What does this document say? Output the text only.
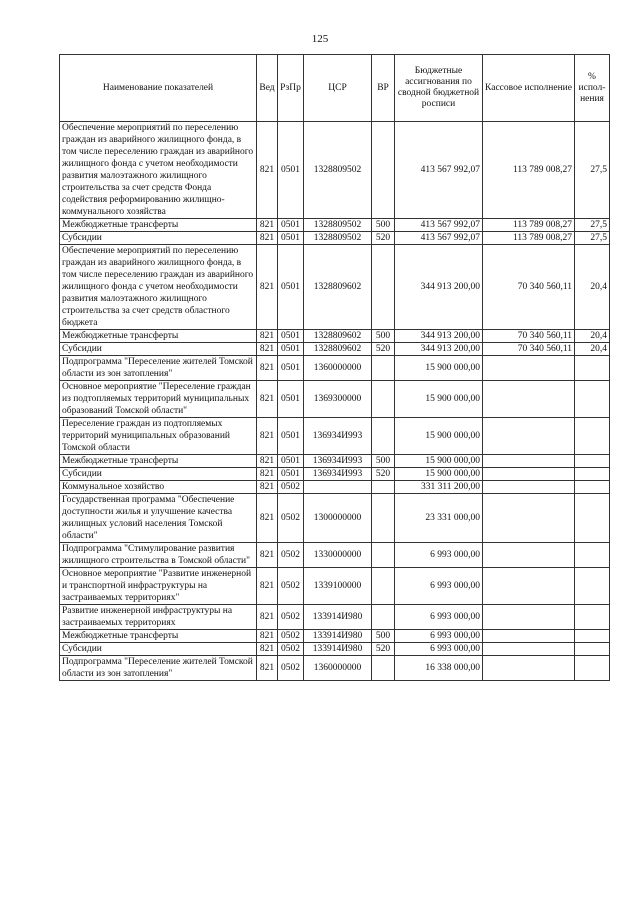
125
Наименование показателей	Вед	РзПр	ЦСР	ВР	Бюджетные ассигнования по сводной бюджетной росписи	Кассовое исполнение	% испол-нения
Обеспечение мероприятий по переселению граждан из аварийного жилищного фонда, в том числе переселению граждан из аварийного жилищного фонда с учетом необходимости развития малоэтажного жилищного строительства за счет средств Фонда содействия реформированию жилищно-коммунального хозяйства	821	0501	1328809502		413 567 992,07	113 789 008,27	27,5
Межбюджетные трансферты	821	0501	1328809502	500	413 567 992,07	113 789 008,27	27,5
Субсидии	821	0501	1328809502	520	413 567 992,07	113 789 008,27	27,5
Обеспечение мероприятий по переселению граждан из аварийного жилищного фонда, в том числе переселению граждан из аварийного жилищного фонда с учетом необходимости развития малоэтажного жилищного строительства за счет средств областного бюджета	821	0501	1328809602		344 913 200,00	70 340 560,11	20,4
Межбюджетные трансферты	821	0501	1328809602	500	344 913 200,00	70 340 560,11	20,4
Субсидии	821	0501	1328809602	520	344 913 200,00	70 340 560,11	20,4
Подпрограмма "Переселение жителей Томской области из зон затопления"	821	0501	1360000000		15 900 000,00		
Основное мероприятие "Переселение граждан из подтопляемых территорий муниципальных образований Томской области"	821	0501	1369300000		15 900 000,00		
Переселение граждан из подтопляемых территорий муниципальных образований Томской области	821	0501	136934И993		15 900 000,00		
Межбюджетные трансферты	821	0501	136934И993	500	15 900 000,00		
Субсидии	821	0501	136934И993	520	15 900 000,00		
Коммунальное хозяйство	821	0502			331 311 200,00		
Государственная программа "Обеспечение доступности жилья и улучшение качества жилищных условий населения Томской области"	821	0502	1300000000		23 331 000,00		
Подпрограмма "Стимулирование развития жилищного строительства в Томской области"	821	0502	1330000000		6 993 000,00		
Основное мероприятие "Развитие инженерной и транспортной инфраструктуры на застраиваемых территориях"	821	0502	1339100000		6 993 000,00		
Развитие инженерной инфраструктуры на застраиваемых территориях	821	0502	133914И980		6 993 000,00		
Межбюджетные трансферты	821	0502	133914И980	500	6 993 000,00		
Субсидии	821	0502	133914И980	520	6 993 000,00		
Подпрограмма "Переселение жителей Томской области из зон затопления"	821	0502	1360000000		16 338 000,00		
